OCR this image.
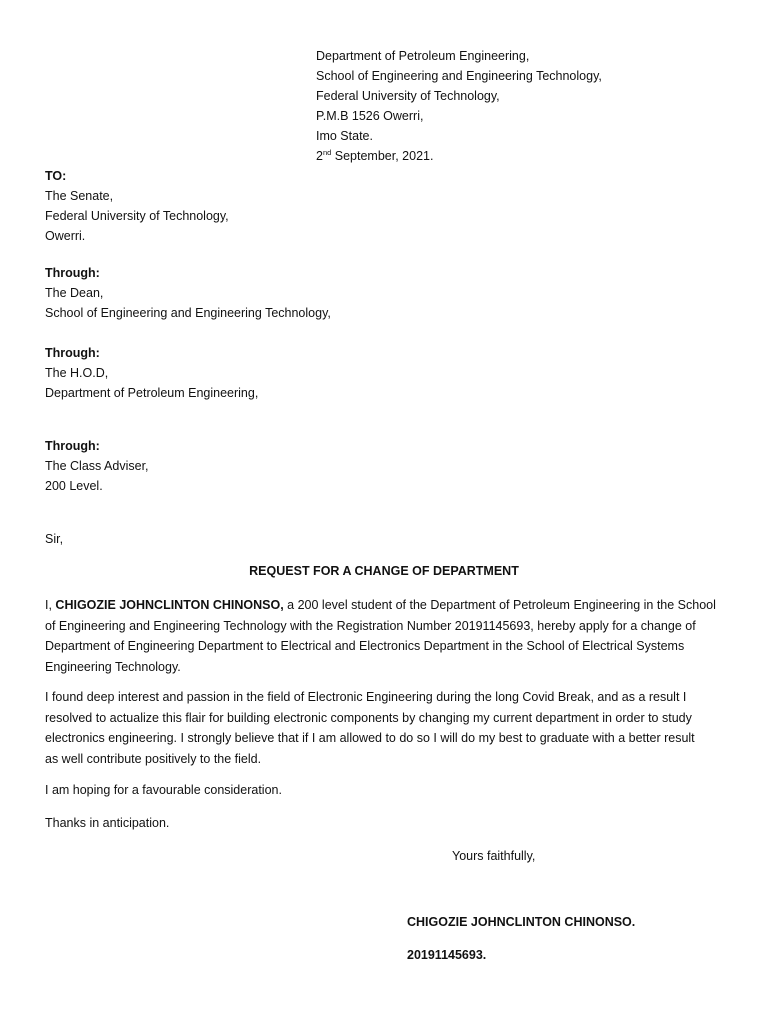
Department of Petroleum Engineering,
School of Engineering and Engineering Technology,
Federal University of Technology,
P.M.B 1526 Owerri,
Imo State.
2nd September, 2021.
TO:
The Senate,
Federal University of Technology,
Owerri.
Through:
The Dean,
School of Engineering and Engineering Technology,
Through:
The H.O.D,
Department of Petroleum Engineering,
Through:
The Class Adviser,
200 Level.
Sir,
REQUEST FOR A CHANGE OF DEPARTMENT
I, CHIGOZIE JOHNCLINTON CHINONSO, a 200 level student of the Department of Petroleum Engineering in the School
of Engineering and Engineering Technology with the Registration Number 20191145693, hereby apply for a change of
Department of Engineering Department to Electrical and Electronics Department in the School of Electrical Systems
Engineering Technology.
I found deep interest and passion in the field of Electronic Engineering during the long Covid Break, and as a result I
resolved to actualize this flair for building electronic components by changing my current department in order to study
electronics engineering. I strongly believe that if I am allowed to do so I will do my best to graduate with a better result
as well contribute positively to the field.
I am hoping for a favourable consideration.
Thanks in anticipation.
Yours faithfully,
CHIGOZIE JOHNCLINTON CHINONSO.
20191145693.
